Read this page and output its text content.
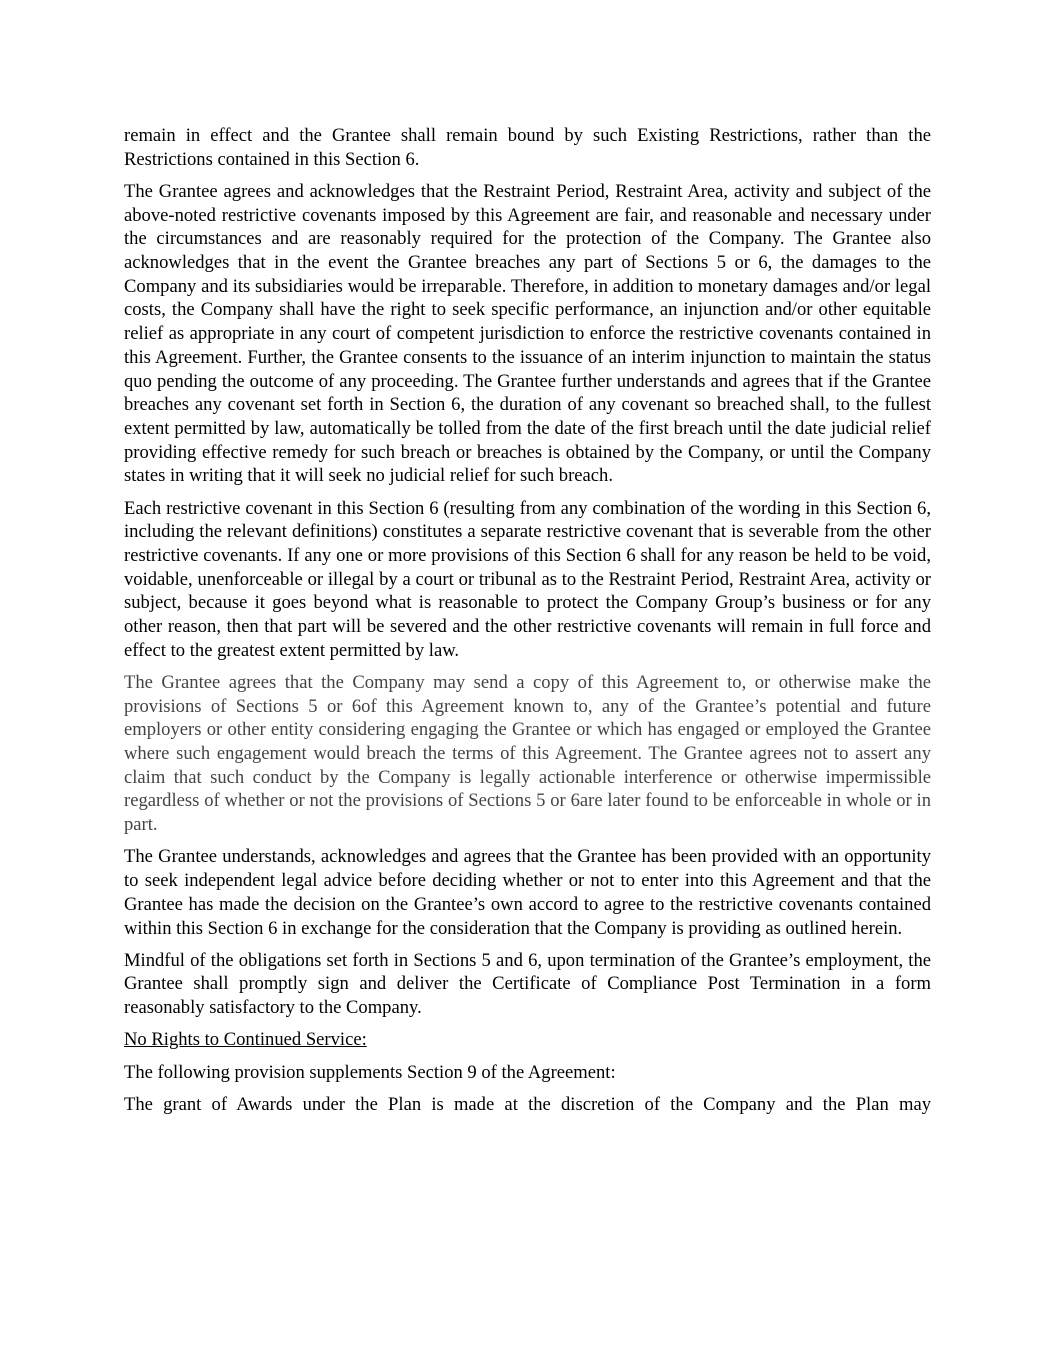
remain in effect and the Grantee shall remain bound by such Existing Restrictions, rather than the Restrictions contained in this Section 6.

The Grantee agrees and acknowledges that the Restraint Period, Restraint Area, activity and subject of the above-noted restrictive covenants imposed by this Agreement are fair, and reasonable and necessary under the circumstances and are reasonably required for the protection of the Company. The Grantee also acknowledges that in the event the Grantee breaches any part of Sections 5 or 6, the damages to the Company and its subsidiaries would be irreparable. Therefore, in addition to monetary damages and/or legal costs, the Company shall have the right to seek specific performance, an injunction and/or other equitable relief as appropriate in any court of competent jurisdiction to enforce the restrictive covenants contained in this Agreement. Further, the Grantee consents to the issuance of an interim injunction to maintain the status quo pending the outcome of any proceeding. The Grantee further understands and agrees that if the Grantee breaches any covenant set forth in Section 6, the duration of any covenant so breached shall, to the fullest extent permitted by law, automatically be tolled from the date of the first breach until the date judicial relief providing effective remedy for such breach or breaches is obtained by the Company, or until the Company states in writing that it will seek no judicial relief for such breach.

Each restrictive covenant in this Section 6 (resulting from any combination of the wording in this Section 6, including the relevant definitions) constitutes a separate restrictive covenant that is severable from the other restrictive covenants. If any one or more provisions of this Section 6 shall for any reason be held to be void, voidable, unenforceable or illegal by a court or tribunal as to the Restraint Period, Restraint Area, activity or subject, because it goes beyond what is reasonable to protect the Company Group’s business or for any other reason, then that part will be severed and the other restrictive covenants will remain in full force and effect to the greatest extent permitted by law.

The Grantee agrees that the Company may send a copy of this Agreement to, or otherwise make the provisions of Sections 5 or 6of this Agreement known to, any of the Grantee’s potential and future employers or other entity considering engaging the Grantee or which has engaged or employed the Grantee where such engagement would breach the terms of this Agreement. The Grantee agrees not to assert any claim that such conduct by the Company is legally actionable interference or otherwise impermissible regardless of whether or not the provisions of Sections 5 or 6are later found to be enforceable in whole or in part.

The Grantee understands, acknowledges and agrees that the Grantee has been provided with an opportunity to seek independent legal advice before deciding whether or not to enter into this Agreement and that the Grantee has made the decision on the Grantee’s own accord to agree to the restrictive covenants contained within this Section 6 in exchange for the consideration that the Company is providing as outlined herein.

Mindful of the obligations set forth in Sections 5 and 6, upon termination of the Grantee’s employment, the Grantee shall promptly sign and deliver the Certificate of Compliance Post Termination in a form reasonably satisfactory to the Company.

No Rights to Continued Service:

The following provision supplements Section 9 of the Agreement:

The grant of Awards under the Plan is made at the discretion of the Company and the Plan may
